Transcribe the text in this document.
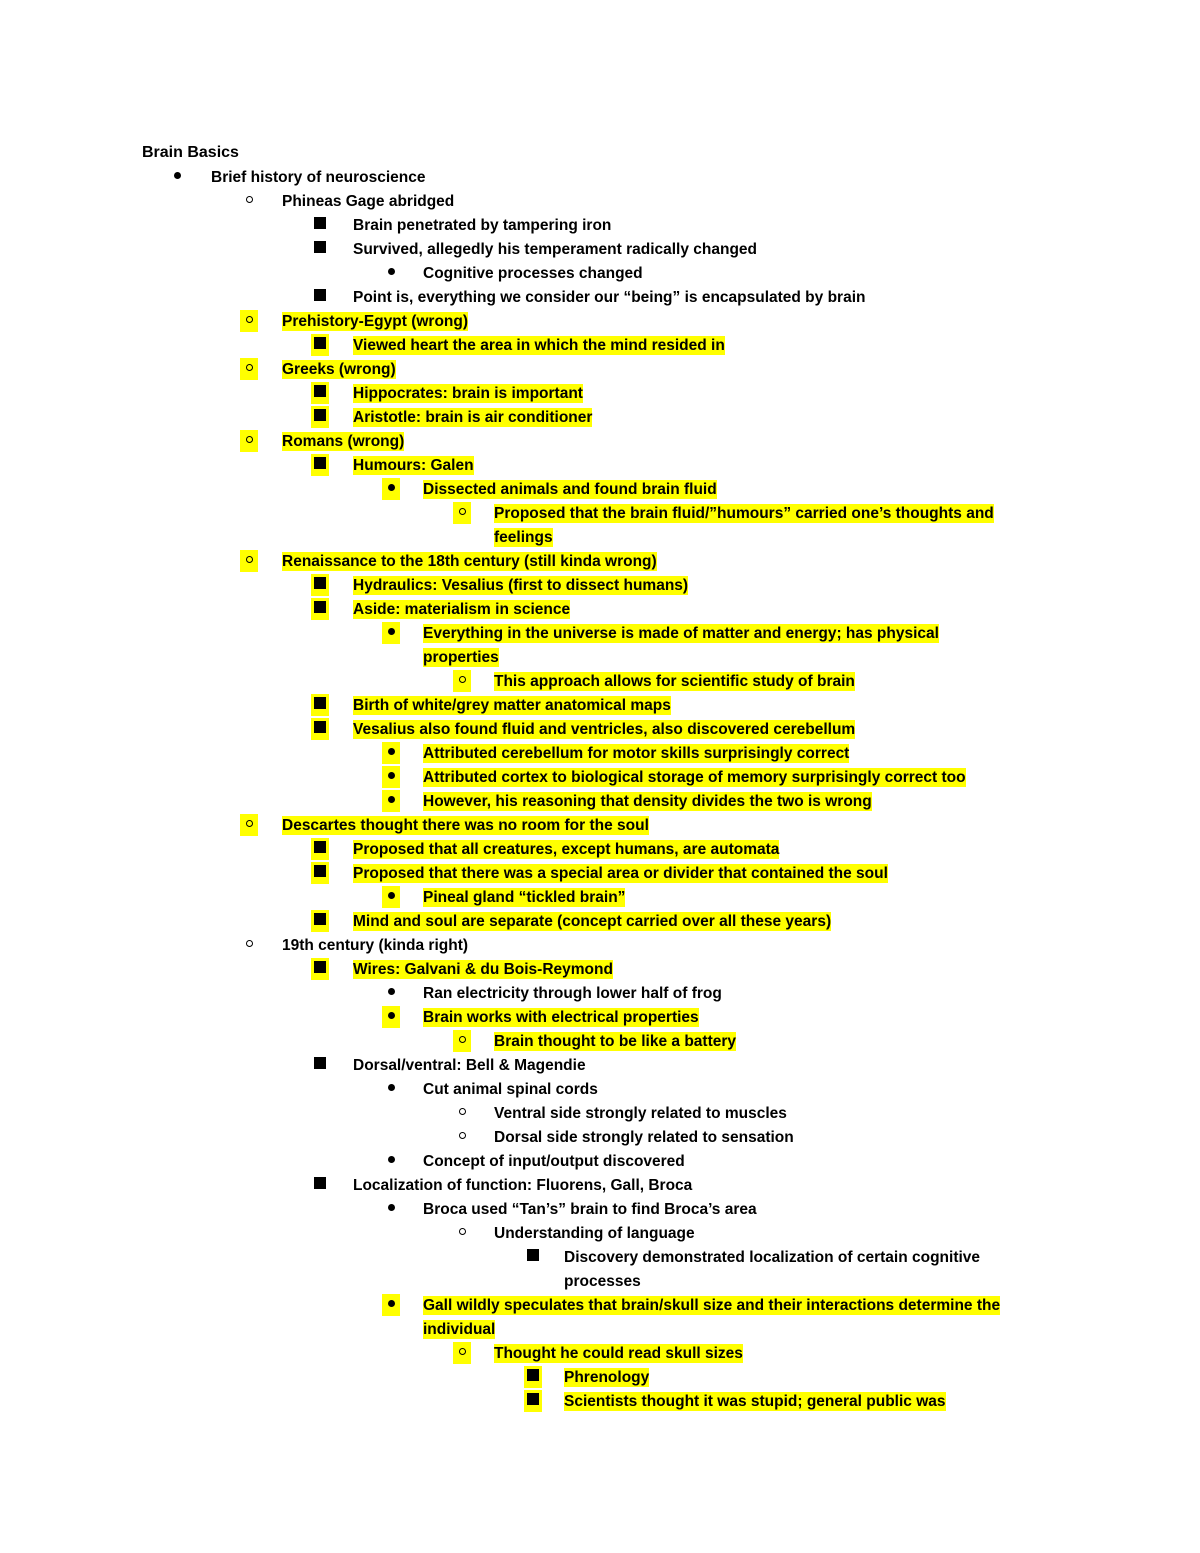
Brain Basics
Brief history of neuroscience
Phineas Gage abridged
Brain penetrated by tampering iron
Survived, allegedly his temperament radically changed
Cognitive processes changed
Point is, everything we consider our “being” is encapsulated by brain
Prehistory-Egypt (wrong)
Viewed heart the area in which the mind resided in
Greeks (wrong)
Hippocrates: brain is important
Aristotle: brain is air conditioner
Romans (wrong)
Humours: Galen
Dissected animals and found brain fluid
Proposed that the brain fluid/”humours” carried one’s thoughts and
feelings
Renaissance to the 18th century (still kinda wrong)
Hydraulics: Vesalius (first to dissect humans)
Aside: materialism in science
Everything in the universe is made of matter and energy; has physical
properties
This approach allows for scientific study of brain
Birth of white/grey matter anatomical maps
Vesalius also found fluid and ventricles, also discovered cerebellum
Attributed cerebellum for motor skills surprisingly correct
Attributed cortex to biological storage of memory surprisingly correct too
However, his reasoning that density divides the two is wrong
Descartes thought there was no room for the soul
Proposed that all creatures, except humans, are automata
Proposed that there was a special area or divider that contained the soul
Pineal gland “tickled brain”
Mind and soul are separate (concept carried over all these years)
19th century (kinda right)
Wires: Galvani & du Bois-Reymond
Ran electricity through lower half of frog
Brain works with electrical properties
Brain thought to be like a battery
Dorsal/ventral: Bell & Magendie
Cut animal spinal cords
Ventral side strongly related to muscles
Dorsal side strongly related to sensation
Concept of input/output discovered
Localization of function: Fluorens, Gall, Broca
Broca used “Tan’s” brain to find Broca’s area
Understanding of language
Discovery demonstrated localization of certain cognitive
processes
Gall wildly speculates that brain/skull size and their interactions determine the
individual
Thought he could read skull sizes
Phrenology
Scientists thought it was stupid; general public was
